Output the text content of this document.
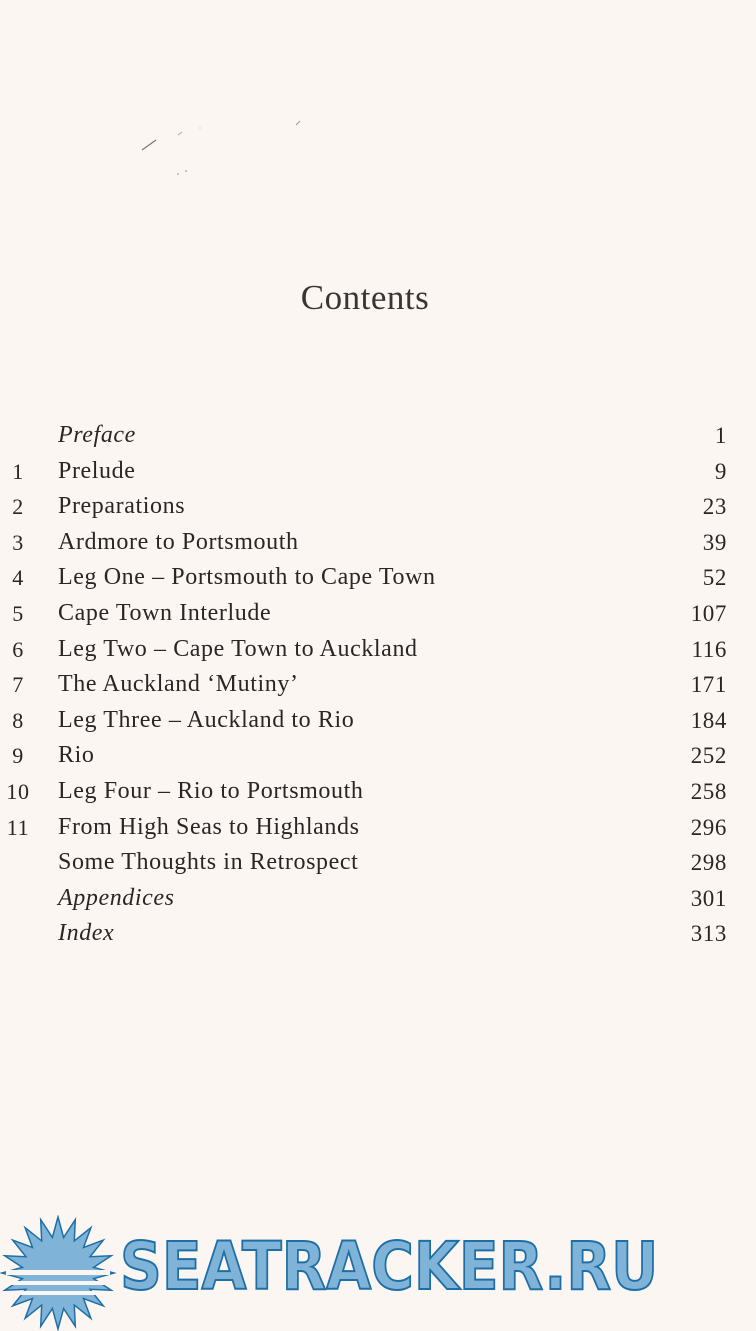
Contents
Preface	1
1	Prelude	9
2	Preparations	23
3	Ardmore to Portsmouth	39
4	Leg One – Portsmouth to Cape Town	52
5	Cape Town Interlude	107
6	Leg Two – Cape Town to Auckland	116
7	The Auckland ‘Mutiny’	171
8	Leg Three – Auckland to Rio	184
9	Rio	252
10 Leg Four – Rio to Portsmouth	258
11 From High Seas to Highlands	296
Some Thoughts in Retrospect	298
Appendices	301
Index	313
SEATRACKER.RU
